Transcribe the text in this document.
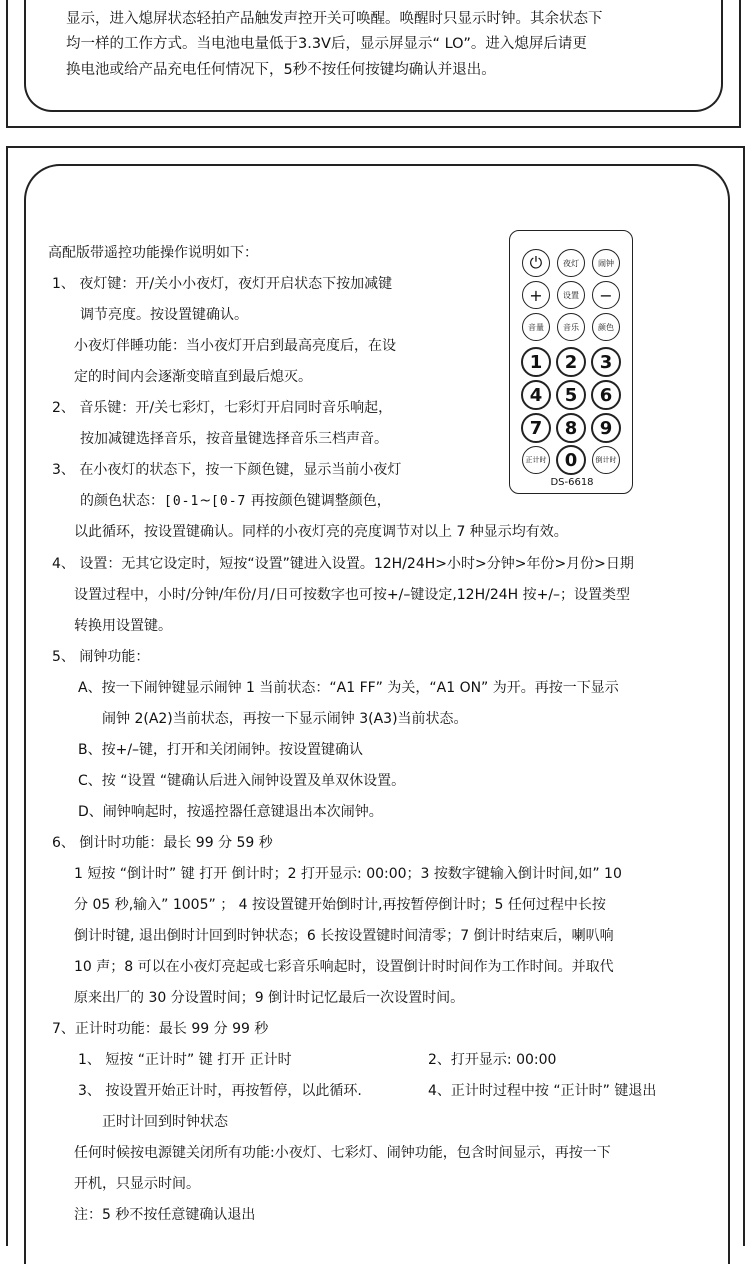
显示，进入熄屏状态轻拍产品触发声控开关可唤醒。唤醒时只显示时钟。其余状态下
均一样的工作方式。当电池电量低于3.3V后，显示屏显示“ LO”。进入熄屏后请更
换电池或给产品充电任何情况下，5秒不按任何按键均确认并退出。
⏻	夜灯	闹钟
+	设置	−
音量	音乐	颜色
1	2	3
4	5	6
7	8	9
正计时	0	倒计时
DS-6618
高配版带遥控功能操作说明如下：
1、 夜灯键：开/关小小夜灯，夜灯开启状态下按加减键
调节亮度。按设置键确认。
小夜灯伴睡功能：当小夜灯开启到最高亮度后，在设
定的时间内会逐渐变暗直到最后熄灭。
2、 音乐键：开/关七彩灯，七彩灯开启同时音乐响起，
按加减键选择音乐，按音量键选择音乐三档声音。
3、 在小夜灯的状态下，按一下颜色键，显示当前小夜灯
的颜色状态：[0-1~[0-7 再按颜色键调整颜色，
以此循环，按设置键确认。同样的小夜灯亮的亮度调节对以上 7 种显示均有效。
4、 设置：无其它设定时，短按“设置”键进入设置。12H/24H>小时>分钟>年份>月份>日期
设置过程中，小时/分钟/年份/月/日可按数字也可按+/–键设定,12H/24H 按+/–；设置类型
转换用设置键。
5、 闹钟功能：
A、按一下闹钟键显示闹钟 1 当前状态：“A1 FF” 为关，“A1 ON” 为开。再按一下显示
闹钟 2(A2)当前状态，再按一下显示闹钟 3(A3)当前状态。
B、按+/–键，打开和关闭闹钟。按设置键确认
C、按 “设置 “键确认后进入闹钟设置及单双休设置。
D、闹钟响起时，按遥控器任意键退出本次闹钟。
6、 倒计时功能：最长 99 分 59 秒
1 短按 “倒计时” 键 打开 倒计时；2 打开显示: 00:00；3 按数字键输入倒计时间,如” 10
分 05 秒,输入” 1005” ； 4 按设置键开始倒时计,再按暂停倒计时；5 任何过程中长按
倒计时键, 退出倒时计回到时钟状态；6 长按设置键时间清零；7 倒计时结束后，喇叭响
10 声；8 可以在小夜灯亮起或七彩音乐响起时，设置倒计时时间作为工作时间。并取代
原来出厂的 30 分设置时间；9 倒计时记忆最后一次设置时间。
7、正计时功能：最长 99 分 99 秒
1、 短按 “正计时” 键 打开 正计时	2、打开显示: 00:00
3、 按设置开始正计时，再按暂停，以此循环.	4、正计时过程中按 “正计时” 键退出
正时计回到时钟状态
任何时候按电源键关闭所有功能:小夜灯、七彩灯、闹钟功能，包含时间显示，再按一下
开机，只显示时间。
注：5 秒不按任意键确认退出
